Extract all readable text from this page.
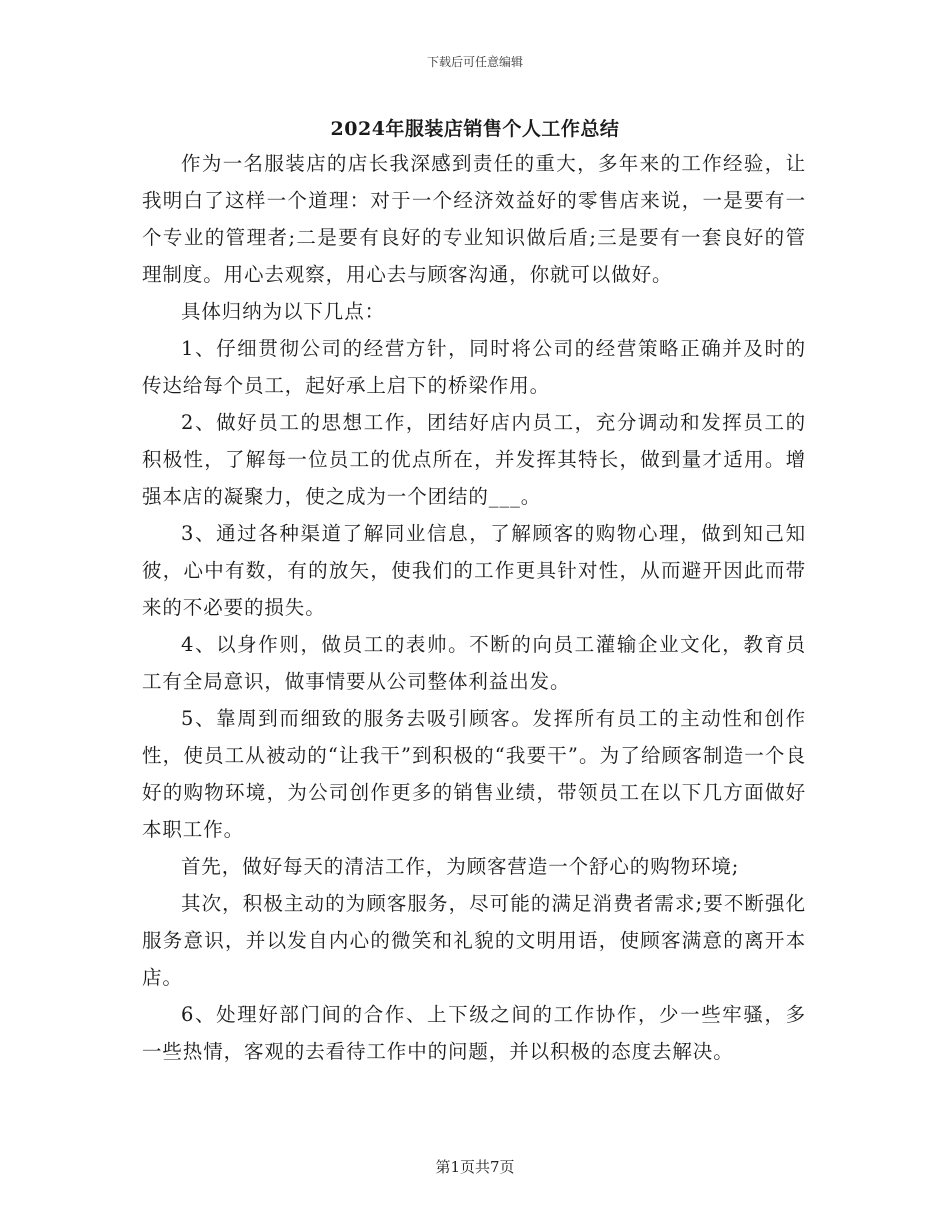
下载后可任意编辑
2024年服装店销售个人工作总结

作为一名服装店的店长我深感到责任的重大，多年来的工作经验，让我明白了这样一个道理：对于一个经济效益好的零售店来说，一是要有一个专业的管理者;二是要有良好的专业知识做后盾;三是要有一套良好的管理制度。用心去观察，用心去与顾客沟通，你就可以做好。

具体归纳为以下几点：

1、仔细贯彻公司的经营方针，同时将公司的经营策略正确并及时的传达给每个员工，起好承上启下的桥梁作用。

2、做好员工的思想工作，团结好店内员工，充分调动和发挥员工的积极性，了解每一位员工的优点所在，并发挥其特长，做到量才适用。增强本店的凝聚力，使之成为一个团结的___。

3、通过各种渠道了解同业信息，了解顾客的购物心理，做到知己知彼，心中有数，有的放矢，使我们的工作更具针对性，从而避开因此而带来的不必要的损失。

4、以身作则，做员工的表帅。不断的向员工灌输企业文化，教育员工有全局意识，做事情要从公司整体利益出发。

5、靠周到而细致的服务去吸引顾客。发挥所有员工的主动性和创作性，使员工从被动的“让我干”到积极的“我要干”。为了给顾客制造一个良好的购物环境，为公司创作更多的销售业绩，带领员工在以下几方面做好本职工作。

首先，做好每天的清洁工作，为顾客营造一个舒心的购物环境;

其次，积极主动的为顾客服务，尽可能的满足消费者需求;要不断强化服务意识，并以发自内心的微笑和礼貌的文明用语，使顾客满意的离开本店。

6、处理好部门间的合作、上下级之间的工作协作，少一些牢骚，多一些热情，客观的去看待工作中的问题，并以积极的态度去解决。

第1页共7页
